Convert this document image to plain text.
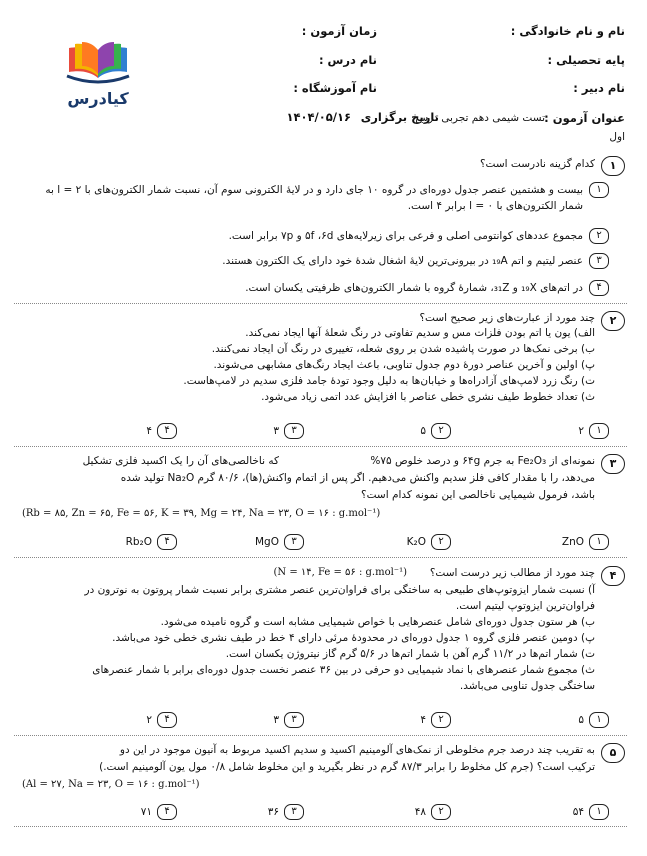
نام و نام خانوادگی :
زمان آزمون :
پایه تحصیلی :
نام درس :
نام دبیر :
نام آموزشگاه :
عنوان آزمون :
تست شیمی دهم تجربی درس
اول
تاریخ برگزاری
۱۴۰۴/۰۵/۱۶
کیادرس
۱
کدام گزینه نادرست است؟
۱
بیست و هشتمین عنصر جدول دوره‌ای در گروه ۱۰ جای دارد و در لایهٔ الکترونی سوم آن، نسبت شمار الکترون‌های با l = ۲ به شمار الکترون‌های با l = ۰ برابر ۴ است.
۲
مجموع عددهای کوانتومی اصلی و فرعی برای زیرلایه‌های ۵f ،۶d و ۷p برابر است.
۳
عنصر لیتیم و اتم ₁₉A در بیرونی‌ترین لایهٔ اشغال شدهٔ خود دارای یک الکترون هستند.
۴
در اتم‌های ₁₉X و ₃₁Z، شمارهٔ گروه با شمار الکترون‌های ظرفیتی یکسان است.
۲
چند مورد از عبارت‌های زیر صحیح است؟
الف) یون یا اتم بودن فلزات مس و سدیم تفاوتی در رنگ شعلهٔ آنها ایجاد نمی‌کند.
ب) برخی نمک‌ها در صورت پاشیده شدن بر روی شعله، تغییری در رنگ آن ایجاد نمی‌کنند.
پ) اولین و آخرین عناصر دورهٔ دوم جدول تناوبی، باعث ایجاد رنگ‌های مشابهی می‌شوند.
ت) رنگ زرد لامپ‌های آزادراه‌ها و خیابان‌ها به دلیل وجود تودهٔ جامد فلزی سدیم در لامپ‌هاست.
ث) تعداد خطوط طیف نشری خطی عناصر با افزایش عدد اتمی زیاد می‌شود.
۱
۲
۲
۵
۳
۳
۴
۴
۳
نمونه‌ای از Fe₂O₃ به جرم ۶۴g و درصد خلوص ۷۵%
که ناخالصی‌های آن را یک اکسید فلزی تشکیل
می‌دهد، را با مقدار کافی فلز سدیم واکنش می‌دهیم. اگر پس از اتمام واکنش(ها)، ۸۰/۶ گرم Na₂O تولید شده
باشد، فرمول شیمیایی ناخالصی این نمونه کدام است؟
(Rb = ۸۵, Zn = ۶۵, Fe = ۵۶, K = ۳۹, Mg = ۲۴, Na = ۲۳, O = ۱۶ : g.mol⁻¹)
۱
ZnO
۲
K₂O
۳
MgO
۴
Rb₂O
۴
چند مورد از مطالب زیر درست است؟
(N = ۱۴, Fe = ۵۶ : g.mol⁻¹)
آ) نسبت شمار ایزوتوپ‌های طبیعی به ساختگی برای فراوان‌ترین عنصر مشتری برابر نسبت شمار پروتون به نوترون در
فراوان‌ترین ایزوتوپ لیتیم است.
ب) هر ستون جدول دوره‌ای شامل عنصرهایی با خواص شیمیایی مشابه است و گروه نامیده می‌شود.
پ) دومین عنصر فلزی گروه ۱ جدول دوره‌ای در محدودهٔ مرئی دارای ۴ خط در طیف نشری خطی خود می‌باشد.
ت) شمار اتم‌ها در ۱۱/۲ گرم آهن با شمار اتم‌ها در ۵/۶ گرم گاز نیتروژن یکسان است.
ث) مجموع شمار عنصرهای با نماد شیمیایی دو حرفی در بین ۳۶ عنصر نخست جدول دوره‌ای برابر با شمار عنصرهای
ساختگی جدول تناوبی می‌باشد.
۱
۵
۲
۴
۳
۳
۴
۲
۵
به تقریب چند درصد جرم مخلوطی از نمک‌های آلومینیم اکسید و سدیم اکسید مربوط به آنیون موجود در این دو
ترکیب است؟ (جرم کل مخلوط را برابر ۸۷/۳ گرم در نظر بگیرید و این مخلوط شامل ۰/۸ مول یون آلومینیم است.)
(Al = ۲۷, Na = ۲۳, O = ۱۶ : g.mol⁻¹)
۱
۵۴
۲
۴۸
۳
۳۶
۴
۷۱
